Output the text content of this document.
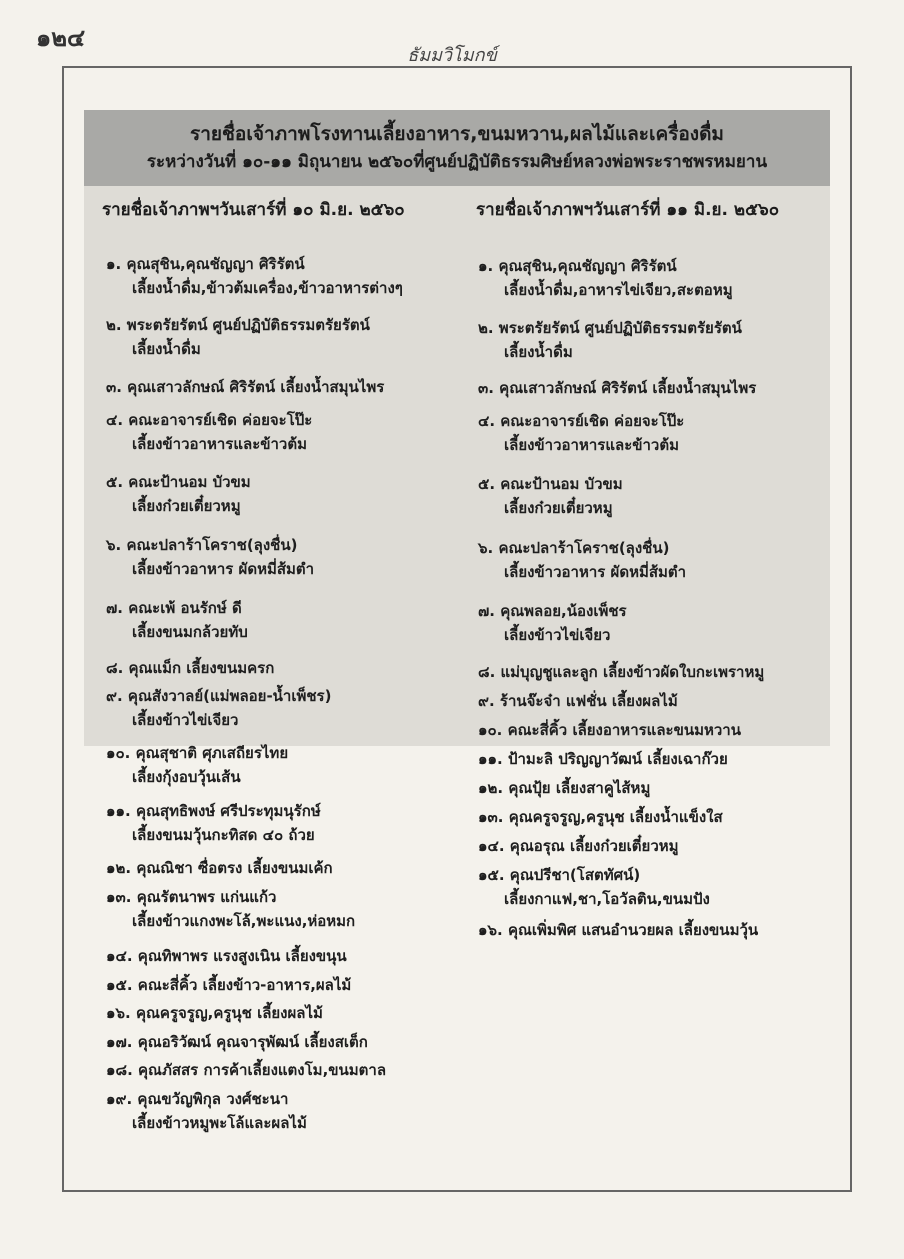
๑๒๔
ธัมมวิโมกข์
รายชื่อเจ้าภาพโรงทานเลี้ยงอาหาร,ขนมหวาน,ผลไม้และเครื่องดื่ม
ระหว่างวันที่ ๑๐-๑๑ มิถุนายน ๒๕๖๐ที่ศูนย์ปฏิบัติธรรมศิษย์หลวงพ่อพระราชพรหมยาน
รายชื่อเจ้าภาพฯวันเสาร์ที่ ๑๐ มิ.ย. ๒๕๖๐	รายชื่อเจ้าภาพฯวันเสาร์ที่ ๑๑ มิ.ย. ๒๕๖๐
๑. คุณสุชิน,คุณชัญญา ศิริรัตน์
เลี้ยงน้ำดื่ม,ข้าวต้มเครื่อง,ข้าวอาหารต่างๆ
๒. พระตรัยรัตน์ ศูนย์ปฏิบัติธรรมตรัยรัตน์
เลี้ยงน้ำดื่ม
๓. คุณเสาวลักษณ์ ศิริรัตน์ เลี้ยงน้ำสมุนไพร
๔. คณะอาจารย์เชิด ค่อยจะโป๊ะ
เลี้ยงข้าวอาหารและข้าวต้ม
๕. คณะป้านอม บัวขม
เลี้ยงก๋วยเตี๋ยวหมู
๖. คณะปลาร้าโคราช(ลุงชื่น)
เลี้ยงข้าวอาหาร ผัดหมี่ส้มตำ
๗. คณะเพ้ อนรักษ์ ดี
เลี้ยงขนมกล้วยทับ
๘. คุณแม็ก เลี้ยงขนมครก
๙. คุณสังวาลย์(แม่พลอย-น้ำเพ็ชร)
เลี้ยงข้าวไข่เจียว
๑๐. คุณสุชาติ ศุภเสถียรไทย
เลี้ยงกุ้งอบวุ้นเส้น
๑๑. คุณสุทธิพงษ์ ศรีประทุมนุรักษ์
เลี้ยงขนมวุ้นกะทิสด ๔๐ ถ้วย
๑๒. คุณณิชา ซื่อตรง เลี้ยงขนมเค้ก
๑๓. คุณรัตนาพร แก่นแก้ว
เลี้ยงข้าวแกงพะโล้,พะแนง,ห่อหมก
๑๔. คุณทิพาพร แรงสูงเนิน เลี้ยงขนุน
๑๕. คณะสี่คิ้ว เลี้ยงข้าว-อาหาร,ผลไม้
๑๖. คุณครูจรูญ,ครูนุช เลี้ยงผลไม้
๑๗. คุณอริวัฒน์ คุณจารุพัฒน์ เลี้ยงสเต็ก
๑๘. คุณภัสสร การค้าเลี้ยงแตงโม,ขนมตาล
๑๙. คุณขวัญพิกุล วงศ์ชะนา
เลี้ยงข้าวหมูพะโล้และผลไม้
๑. คุณสุชิน,คุณชัญญา ศิริรัตน์
เลี้ยงน้ำดื่ม,อาหารไข่เจียว,สะตอหมู
๒. พระตรัยรัตน์ ศูนย์ปฏิบัติธรรมตรัยรัตน์
เลี้ยงน้ำดื่ม
๓. คุณเสาวลักษณ์ ศิริรัตน์ เลี้ยงน้ำสมุนไพร
๔. คณะอาจารย์เชิด ค่อยจะโป๊ะ
เลี้ยงข้าวอาหารและข้าวต้ม
๕. คณะป้านอม บัวขม
เลี้ยงก๋วยเตี๋ยวหมู
๖. คณะปลาร้าโคราช(ลุงชื่น)
เลี้ยงข้าวอาหาร ผัดหมี่ส้มตำ
๗. คุณพลอย,น้องเพ็ชร
เลี้ยงข้าวไข่เจียว
๘. แม่บุญชูและลูก เลี้ยงข้าวผัดใบกะเพราหมู
๙. ร้านจ๊ะจ๋า แฟชั่น เลี้ยงผลไม้
๑๐. คณะสี่คิ้ว เลี้ยงอาหารและขนมหวาน
๑๑. ป้ามะลิ ปริญญาวัฒน์ เลี้ยงเฉาก๊วย
๑๒. คุณปุ้ย เลี้ยงสาคูไส้หมู
๑๓. คุณครูจรูญ,ครูนุช เลี้ยงน้ำแข็งใส
๑๔. คุณอรุณ เลี้ยงก๋วยเตี๋ยวหมู
๑๕. คุณปรีชา(โสตทัศน์)
เลี้ยงกาแฟ,ชา,โอวัลติน,ขนมปัง
๑๖. คุณเพิ่มพิศ แสนอำนวยผล เลี้ยงขนมวุ้น
